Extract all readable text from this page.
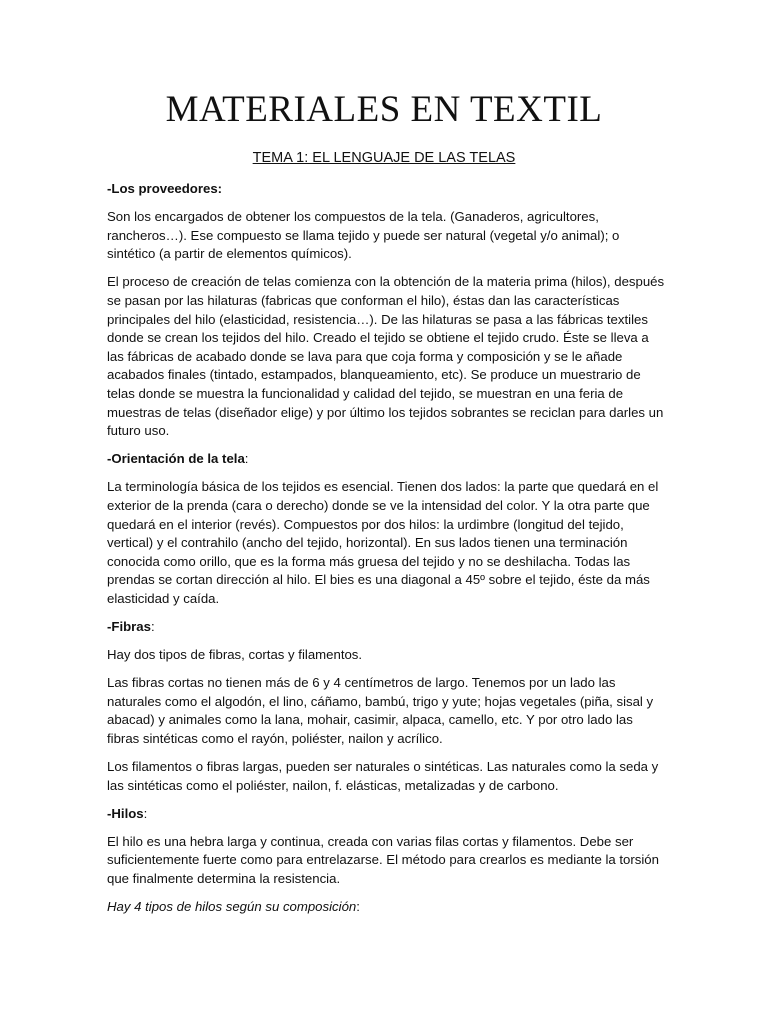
MATERIALES EN TEXTIL
TEMA 1: EL LENGUAJE DE LAS TELAS

-Los proveedores:

Son los encargados de obtener los compuestos de la tela. (Ganaderos, agricultores, rancheros…). Ese compuesto se llama tejido y puede ser natural (vegetal y/o animal); o sintético (a partir de elementos químicos).

El proceso de creación de telas comienza con la obtención de la materia prima (hilos), después se pasan por las hilaturas (fabricas que conforman el hilo), éstas dan las características principales del hilo (elasticidad, resistencia…). De las hilaturas se pasa a las fábricas textiles donde se crean los tejidos del hilo. Creado el tejido se obtiene el tejido crudo. Éste se lleva a las fábricas de acabado donde se lava para que coja forma y composición y se le añade acabados finales (tintado, estampados, blanqueamiento, etc). Se produce un muestrario de telas donde se muestra la funcionalidad y calidad del tejido, se muestran en una feria de muestras de telas (diseñador elige) y por último los tejidos sobrantes se reciclan para darles un futuro uso.

-Orientación de la tela:

La terminología básica de los tejidos es esencial. Tienen dos lados: la parte que quedará en el exterior de la prenda (cara o derecho) donde se ve la intensidad del color. Y la otra parte que quedará en el interior (revés). Compuestos por dos hilos: la urdimbre (longitud del tejido, vertical) y el contrahilo (ancho del tejido, horizontal). En sus lados tienen una terminación conocida como orillo, que es la forma más gruesa del tejido y no se deshilacha. Todas las prendas se cortan dirección al hilo. El bies es una diagonal a 45º sobre el tejido, éste da más elasticidad y caída.

-Fibras:

Hay dos tipos de fibras, cortas y filamentos.

Las fibras cortas no tienen más de 6 y 4 centímetros de largo. Tenemos por un lado las naturales como el algodón, el lino, cáñamo, bambú, trigo y yute; hojas vegetales (piña, sisal y abacad) y animales como la lana, mohair, casimir, alpaca, camello, etc. Y por otro lado las fibras sintéticas como el rayón, poliéster, nailon y acrílico.

Los filamentos o fibras largas, pueden ser naturales o sintéticas. Las naturales como la seda y las sintéticas como el poliéster, nailon, f. elásticas, metalizadas y de carbono.

-Hilos:

El hilo es una hebra larga y continua, creada con varias filas cortas y filamentos. Debe ser suficientemente fuerte como para entrelazarse. El método para crearlos es mediante la torsión que finalmente determina la resistencia.

Hay 4 tipos de hilos según su composición:
